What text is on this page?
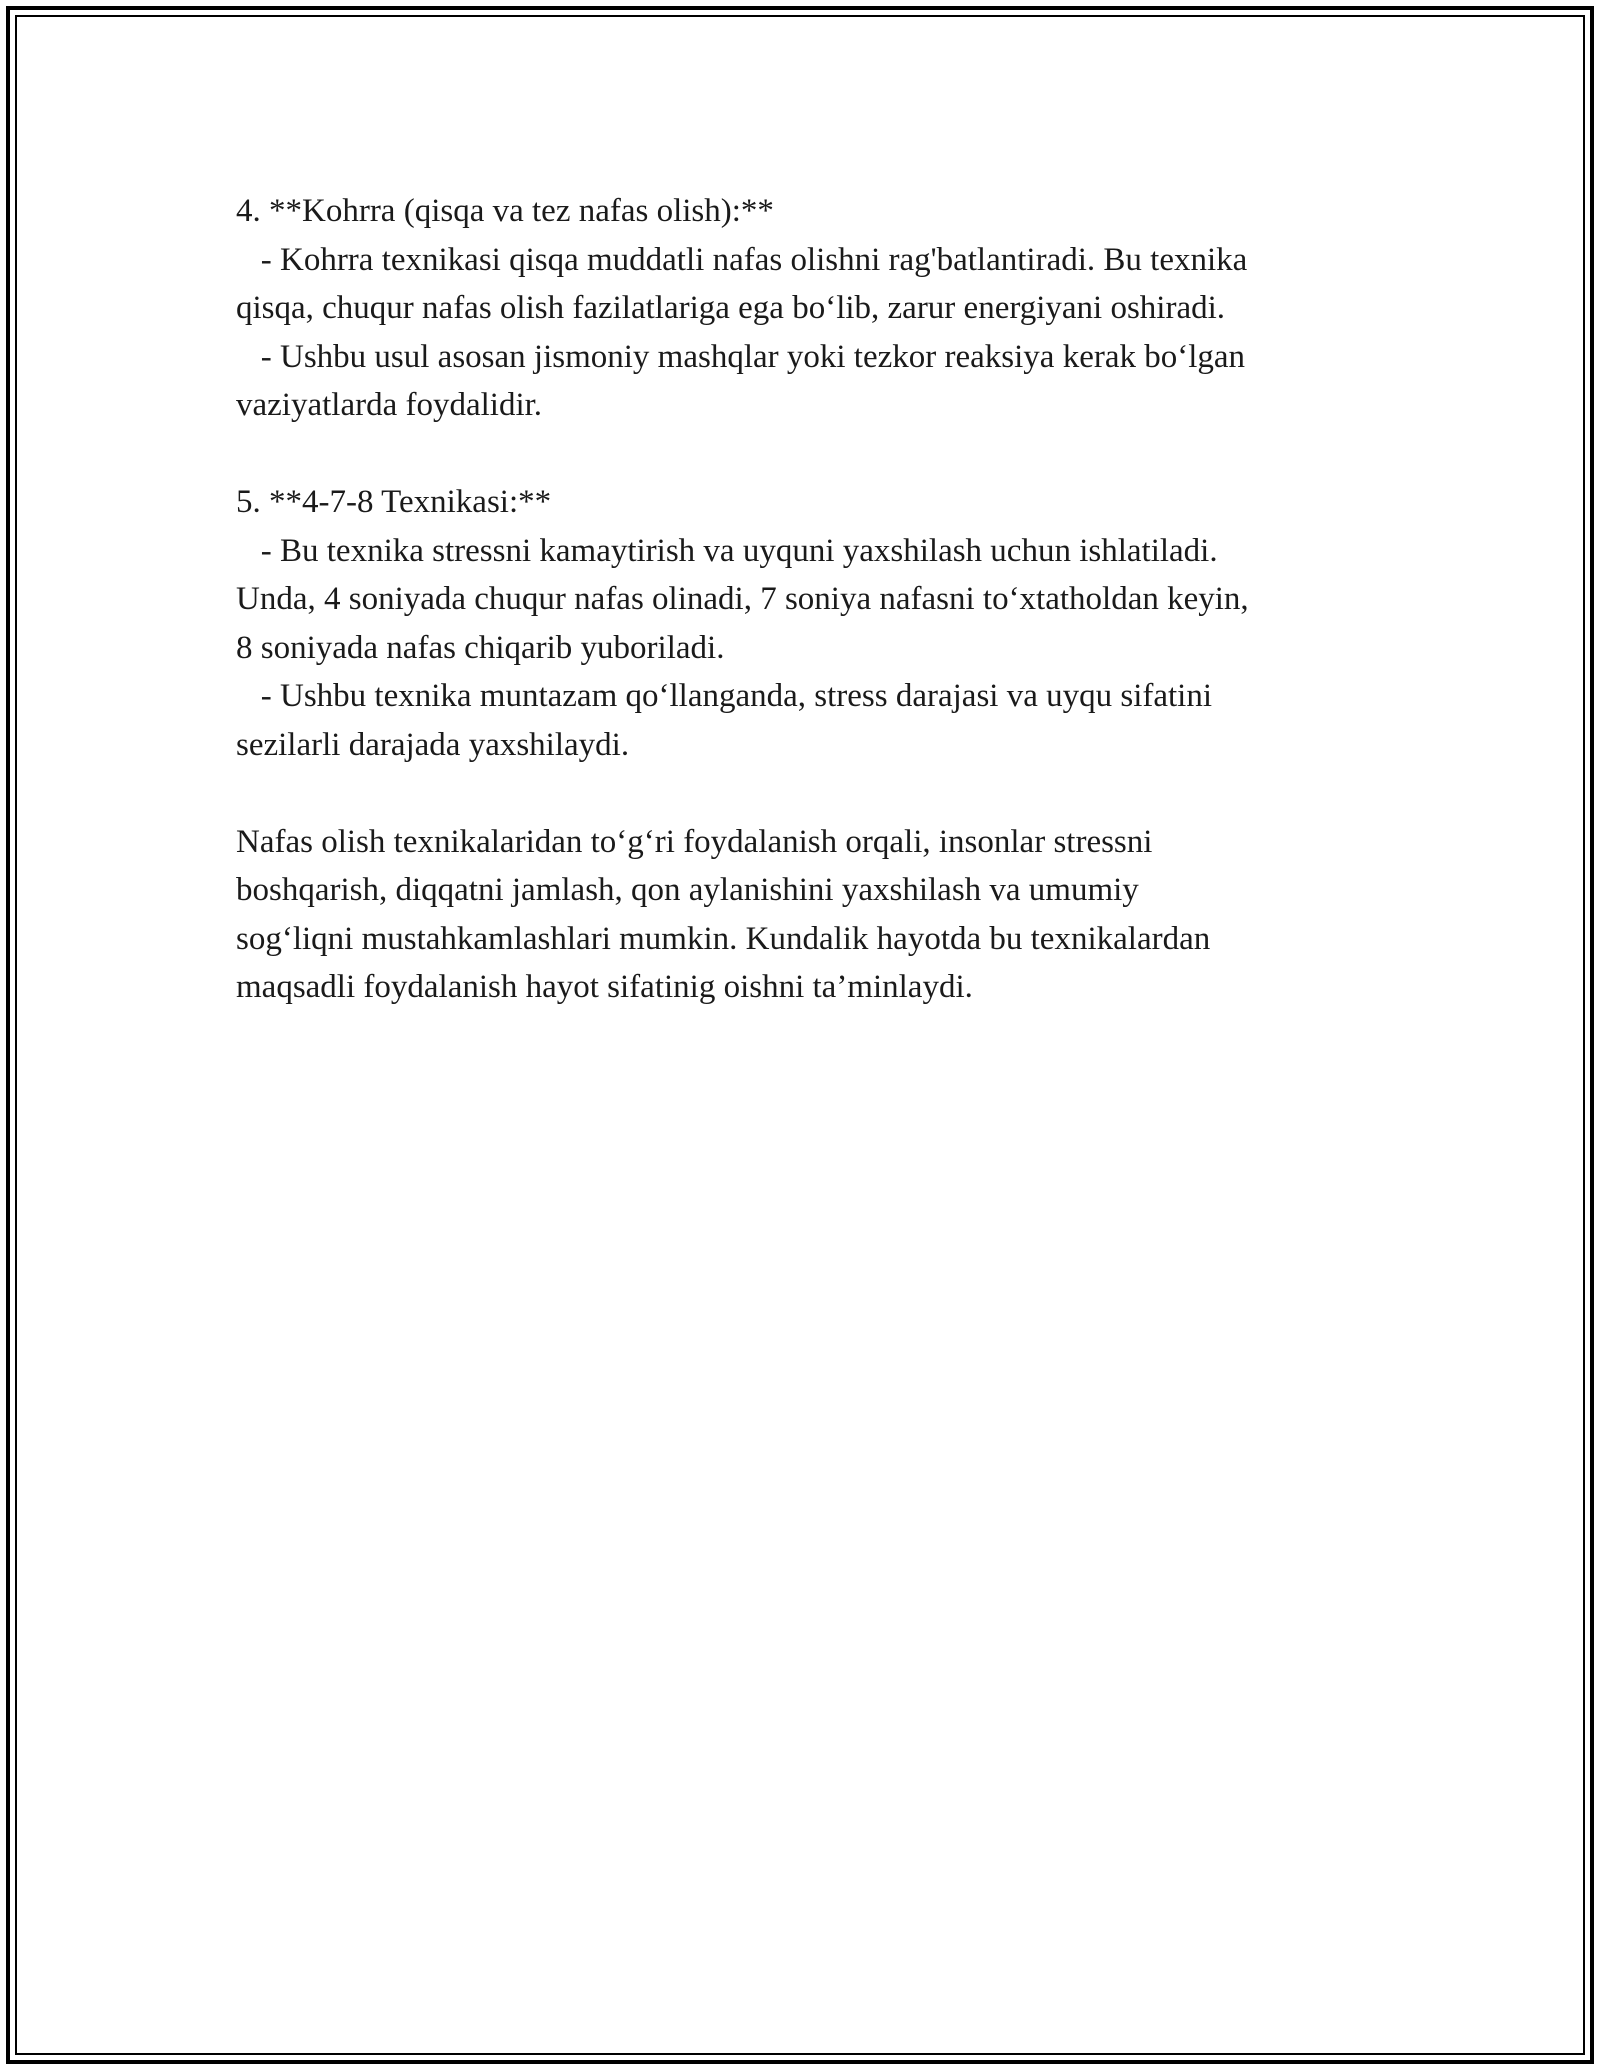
4. **Kohrra (qisqa va tez nafas olish):**
- Kohrra texnikasi qisqa muddatli nafas olishni rag'batlantiradi. Bu texnika
qisqa, chuqur nafas olish fazilatlariga ega bo‘lib, zarur energiyani oshiradi.
- Ushbu usul asosan jismoniy mashqlar yoki tezkor reaksiya kerak bo‘lgan
vaziyatlarda foydalidir.
5. **4-7-8 Texnikasi:**
- Bu texnika stressni kamaytirish va uyquni yaxshilash uchun ishlatiladi.
Unda, 4 soniyada chuqur nafas olinadi, 7 soniya nafasni to‘xtatholdan keyin,
8 soniyada nafas chiqarib yuboriladi.
- Ushbu texnika muntazam qo‘llanganda, stress darajasi va uyqu sifatini
sezilarli darajada yaxshilaydi.
Nafas olish texnikalaridan to‘g‘ri foydalanish orqali, insonlar stressni
boshqarish, diqqatni jamlash, qon aylanishini yaxshilash va umumiy
sog‘liqni mustahkamlashlari mumkin. Kundalik hayotda bu texnikalardan
maqsadli foydalanish hayot sifatinig oishni ta’minlaydi.
